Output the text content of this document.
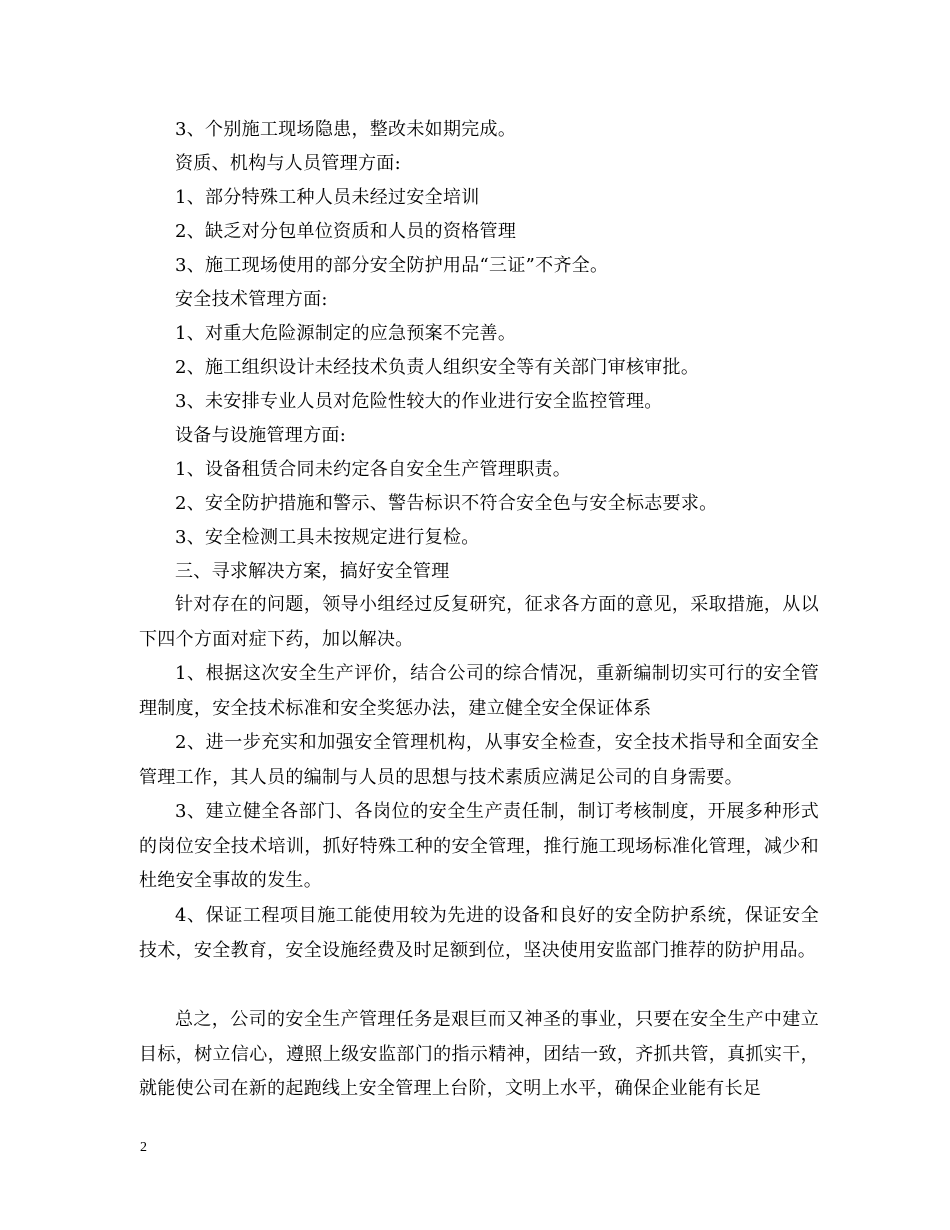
3、个别施工现场隐患，整改未如期完成。
资质、机构与人员管理方面:
1、部分特殊工种人员未经过安全培训
2、缺乏对分包单位资质和人员的资格管理
3、施工现场使用的部分安全防护用品“三证”不齐全。
安全技术管理方面:
1、对重大危险源制定的应急预案不完善。
2、施工组织设计未经技术负责人组织安全等有关部门审核审批。
3、未安排专业人员对危险性较大的作业进行安全监控管理。
设备与设施管理方面:
1、设备租赁合同未约定各自安全生产管理职责。
2、安全防护措施和警示、警告标识不符合安全色与安全标志要求。
3、安全检测工具未按规定进行复检。
三、寻求解决方案，搞好安全管理
针对存在的问题，领导小组经过反复研究，征求各方面的意见，采取措施，从以下四个方面对症下药，加以解决。
1、根据这次安全生产评价，结合公司的综合情况，重新编制切实可行的安全管理制度，安全技术标准和安全奖惩办法，建立健全安全保证体系
2、进一步充实和加强安全管理机构，从事安全检查，安全技术指导和全面安全管理工作，其人员的编制与人员的思想与技术素质应满足公司的自身需要。
3、建立健全各部门、各岗位的安全生产责任制，制订考核制度，开展多种形式的岗位安全技术培训，抓好特殊工种的安全管理，推行施工现场标准化管理，减少和杜绝安全事故的发生。
4、保证工程项目施工能使用较为先进的设备和良好的安全防护系统，保证安全技术，安全教育，安全设施经费及时足额到位，坚决使用安监部门推荐的防护用品。
总之，公司的安全生产管理任务是艰巨而又神圣的事业，只要在安全生产中建立目标，树立信心，遵照上级安监部门的指示精神，团结一致，齐抓共管，真抓实干，就能使公司在新的起跑线上安全管理上台阶，文明上水平，确保企业能有长足
2
